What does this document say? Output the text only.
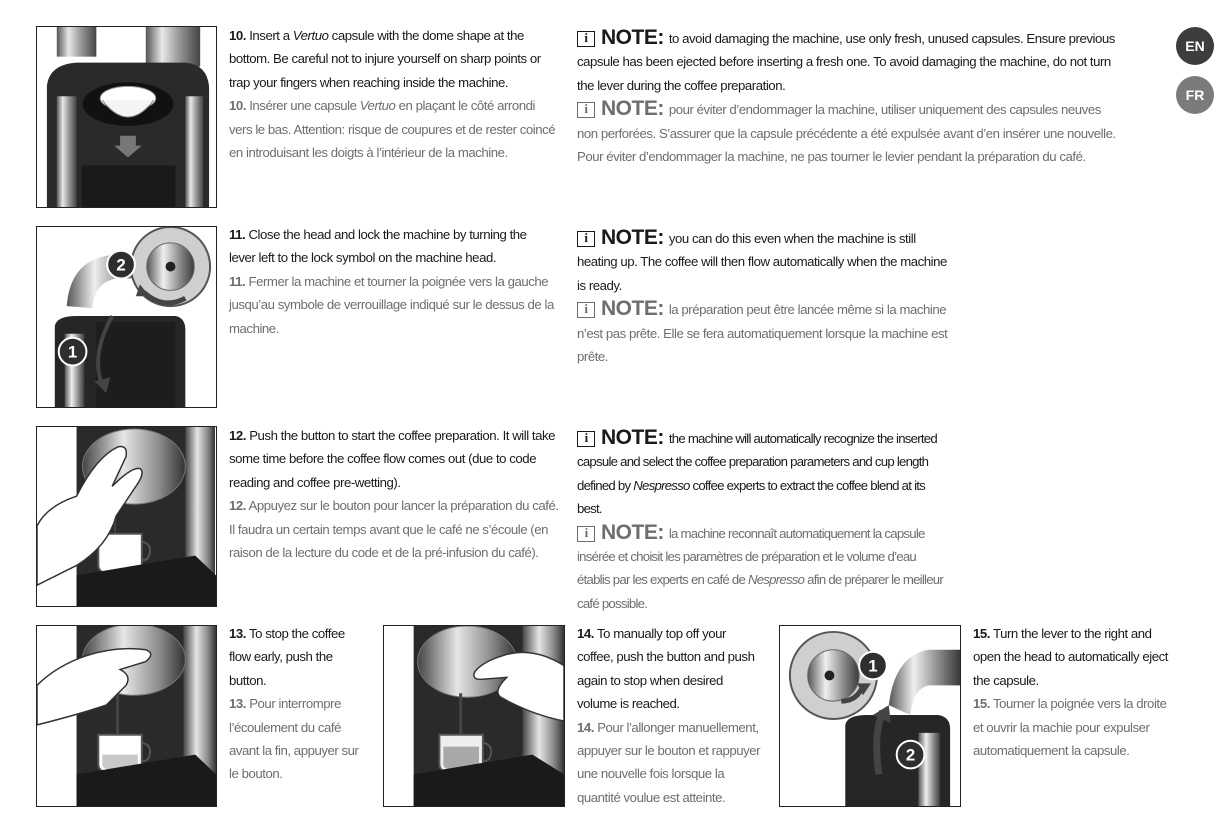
EN
FR
10. Insert a Vertuo capsule with the dome shape at the bottom. Be careful not to injure yourself on sharp points or trap your fingers when reaching inside the machine.
10. Insérer une capsule Vertuo en plaçant le côté arrondi vers le bas. Attention: risque de coupures et de rester coincé en introduisant les doigts à l’intérieur de la machine.
i NOTE: to avoid damaging the machine, use only fresh, unused capsules. Ensure previous capsule has been ejected before inserting a fresh one. To avoid damaging the machine, do not turn the lever during the coffee preparation.
i NOTE: pour éviter d’endommager la machine, utiliser uniquement des capsules neuves non perforées. S’assurer que la capsule précédente a été expulsée avant d’en insérer une nouvelle. Pour éviter d’endommager la machine, ne pas tourner le levier pendant la préparation du café.
2
1
11. Close the head and lock the machine by turning the lever left to the lock symbol on the machine head.
11. Fermer la machine et tourner la poignée vers la gauche jusqu’au symbole de verrouillage indiqué sur le dessus de la machine.
i NOTE: you can do this even when the machine is still heating up. The coffee will then flow automatically when the machine is ready.
i NOTE: la préparation peut être lancée même si la machine n’est pas prête. Elle se fera automatiquement lorsque la machine est prête.
12. Push the button to start the coffee preparation. It will take some time before the coffee flow comes out (due to code reading and coffee pre-wetting).
12. Appuyez sur le bouton pour lancer la préparation du café. Il faudra un certain temps avant que le café ne s’écoule (en raison de la lecture du code et de la pré-infusion du café).
i NOTE: the machine will automatically recognize the inserted capsule and select the coffee preparation parameters and cup length defined by Nespresso coffee experts to extract the coffee blend at its best.
i NOTE: la machine reconnaît automatiquement la capsule insérée et choisit les paramètres de préparation et le volume d’eau établis par les experts en café de Nespresso afin de préparer le meilleur café possible.
13. To stop the coffee flow early, push the button.
13. Pour interrompre l’écoulement du café avant la fin, appuyer sur le bouton.
14. To manually top off your coffee, push the button and push again to stop when desired volume is reached.
14. Pour l’allonger manuellement, appuyer sur le bouton et rappuyer une nouvelle fois lorsque la quantité voulue est atteinte.
1
2
15. Turn the lever to the right and open the head to automatically eject the capsule.
15. Tourner la poignée vers la droite et ouvrir la machie pour expulser automatiquement la capsule.
